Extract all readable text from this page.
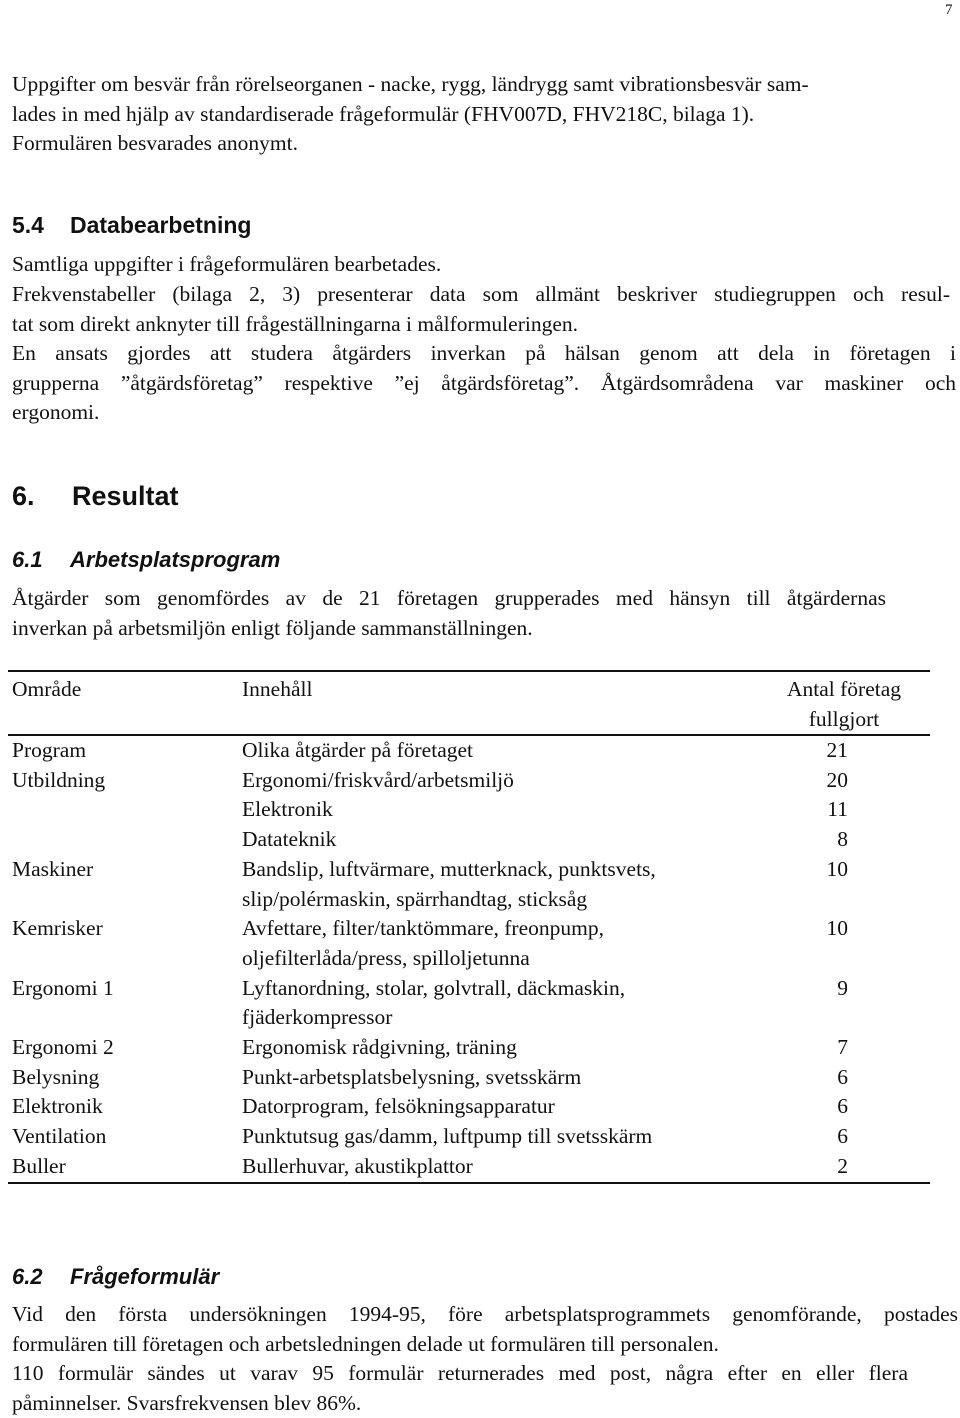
7

Uppgifter om besvär från rörelseorganen - nacke, rygg, ländrygg samt vibrationsbesvär sam-
lades in med hjälp av standardiserade frågeformulär (FHV007D, FHV218C, bilaga 1).
Formulären besvarades anonymt.

5.4 Databearbetning

Samtliga uppgifter i frågeformulären bearbetades.

Frekvenstabeller (bilaga 2, 3) presenterar data som allmänt beskriver studiegruppen och resul-
tat som direkt anknyter till frågeställningarna i målformuleringen.

En ansats gjordes att studera åtgärders inverkan på hälsan genom att dela in företagen i
grupperna ”åtgärdsföretag” respektive ”ej åtgärdsföretag”. Åtgärdsområdena var maskiner och
ergonomi.

6. Resultat
6.1 Arbetsplatsprogram

Åtgärder som genomfördes av de 21 företagen grupperades med hänsyn till åtgärdernas
inverkan på arbetsmiljön enligt följande sammanställningen.

Område	Innehåll	Antal företag
fullgjort

Program	Olika åtgärder på företaget	21
Utbildning	Ergonomi/friskvård/arbetsmiljö	20
	Elektronik	11
	Datateknik	8
Maskiner	Bandslip, luftvärmare, mutterknack, punktsvets, slip/polérmaskin, spärrhandtag, sticksåg	10
Kemrisker	Avfettare, filter/tanktömmare, freonpump, oljefilterlåda/press, spilloljetunna	10
Ergonomi 1	Lyftanordning, stolar, golvtrall, däckmaskin, fjäderkompressor	9
Ergonomi 2	Ergonomisk rådgivning, träning	7
Belysning	Punkt-arbetsplatsbelysning, svetsskärm	6
Elektronik	Datorprogram, felsökningsapparatur	6
Ventilation	Punktutsug gas/damm, luftpump till svetsskärm	6
Buller	Bullerhuvar, akustikplattor	2
6.2 Frågeformulär

Vid den första undersökningen 1994-95, före arbetsplatsprogrammets genomförande, postades
formulären till företagen och arbetsledningen delade ut formulären till personalen.

110 formulär sändes ut varav 95 formulär returnerades med post, några efter en eller flera
påminnelser. Svarsfrekvensen blev 86%.
